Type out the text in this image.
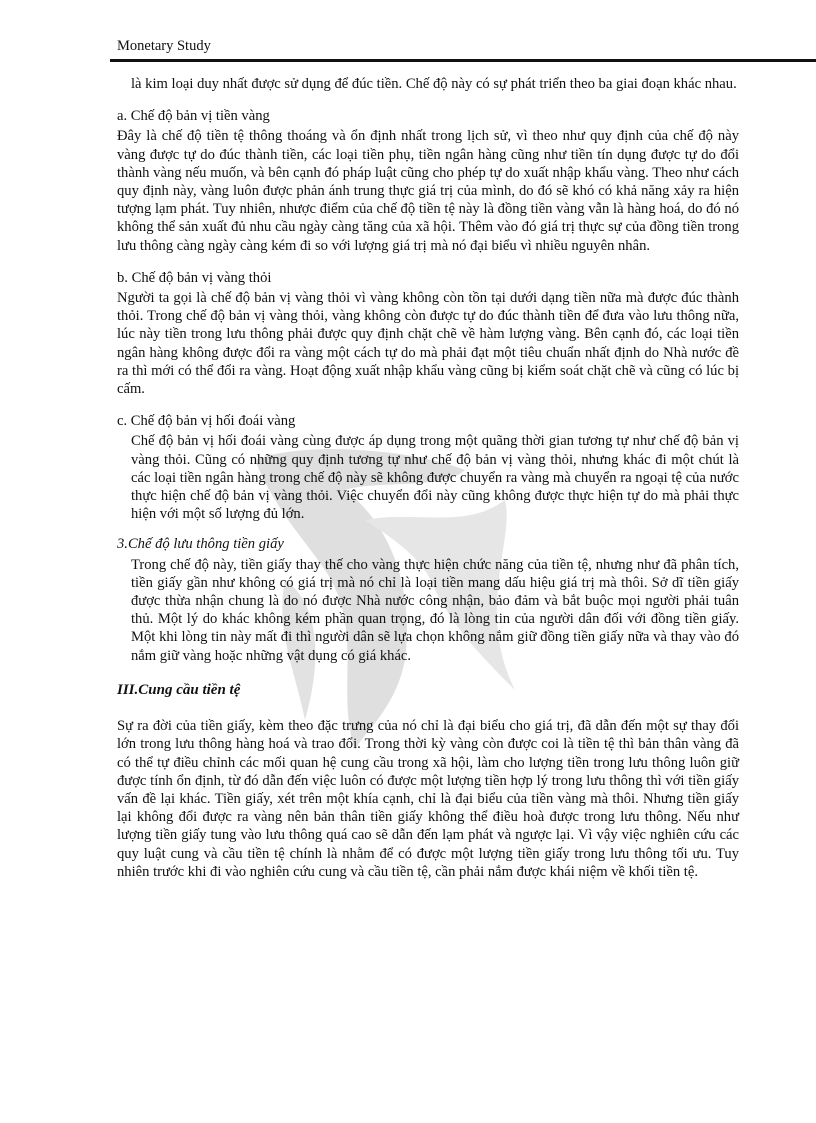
Monetary Study

là kim loại duy nhất được sử dụng để đúc tiền. Chế độ này có sự phát triển theo ba giai đoạn khác nhau.

a. Chế độ bản vị tiền vàng

Đây là chế độ tiền tệ thông thoáng và ổn định nhất trong lịch sử, vì theo như quy định của chế độ này vàng được tự do đúc thành tiền, các loại tiền phụ, tiền ngân hàng cũng như tiền tín dụng được tự do đổi thành vàng nếu muốn, và bên cạnh đó pháp luật cũng cho phép tự do xuất nhập khẩu vàng. Theo như cách quy định này, vàng luôn được phản ánh trung thực giá trị của mình, do đó sẽ khó có khả năng xảy ra hiện tượng lạm phát. Tuy nhiên, nhược điểm của chế độ tiền tệ này là đồng tiền vàng vẫn là hàng hoá, do đó nó không thể sản xuất đủ nhu cầu ngày càng tăng của xã hội. Thêm vào đó giá trị thực sự của đồng tiền trong lưu thông càng ngày càng kém đi so với lượng giá trị mà nó đại biểu vì nhiều nguyên nhân.

b. Chế độ bản vị vàng thỏi

Người ta gọi là chế độ bản vị vàng thỏi vì vàng không còn tồn tại dưới dạng tiền nữa mà được đúc thành thỏi. Trong chế độ bản vị vàng thỏi, vàng không còn được tự do đúc thành tiền để đưa vào lưu thông nữa, lúc này tiền trong lưu thông phải được quy định chặt chẽ về hàm lượng vàng. Bên cạnh đó, các loại tiền ngân hàng không được đổi ra vàng một cách tự do mà phải đạt một tiêu chuẩn nhất định do Nhà nước đề ra thì mới có thể đổi ra vàng. Hoạt động xuất nhập khẩu vàng cũng bị kiểm soát chặt chẽ và cũng có lúc bị cấm.

c. Chế độ bản vị hối đoái vàng

Chế độ bản vị hối đoái vàng cùng được áp dụng trong một quãng thời gian tương tự như chế độ bản vị vàng thỏi. Cũng có những quy định tương tự như chế độ bản vị vàng thỏi, nhưng khác đi một chút là các loại tiền ngân hàng trong chế độ này sẽ không được chuyển ra vàng mà chuyển ra ngoại tệ của nước thực hiện chế độ bản vị vàng thỏi. Việc chuyển đổi này cũng không được thực hiện tự do mà phải thực hiện với một số lượng đủ lớn.

3.Chế độ lưu thông tiền giấy

Trong chế độ này, tiền giấy thay thế cho vàng thực hiện chức năng của tiền tệ, nhưng như đã phân tích, tiền giấy gần như không có giá trị mà nó chỉ là loại tiền mang dấu hiệu giá trị mà thôi. Sở dĩ tiền giấy được thừa nhận chung là do nó được Nhà nước công nhận, bảo đảm và bắt buộc mọi người phải tuân thủ. Một lý do khác không kém phần quan trọng, đó là lòng tin của người dân đối với đồng tiền giấy. Một khi lòng tin này mất đi thì người dân sẽ lựa chọn không nắm giữ đồng tiền giấy nữa và thay vào đó nắm giữ vàng hoặc những vật dụng có giá khác.

III.Cung cầu tiền tệ

Sự ra đời của tiền giấy, kèm theo đặc trưng của nó chỉ là đại biểu cho giá trị, đã dẫn đến một sự thay đổi lớn trong lưu thông hàng hoá và trao đổi. Trong thời kỳ vàng còn được coi là tiền tệ thì bản thân vàng đã có thể tự điều chỉnh các mối quan hệ cung cầu trong xã hội, làm cho lượng tiền trong lưu thông luôn giữ được tính ổn định, từ đó dẫn đến việc luôn có được một lượng tiền hợp lý trong lưu thông thì với tiền giấy vấn đề lại khác. Tiền giấy, xét trên một khía cạnh, chỉ là đại biểu của tiền vàng mà thôi. Nhưng tiền giấy lại không đổi được ra vàng nên bản thân tiền giấy không thể điều hoà được trong lưu thông. Nếu như lượng tiền giấy tung vào lưu thông quá cao sẽ dẫn đến lạm phát và ngược lại. Vì vậy việc nghiên cứu các quy luật cung và cầu tiền tệ chính là nhằm để có được một lượng tiền giấy trong lưu thông tối ưu. Tuy nhiên trước khi đi vào nghiên cứu cung và cầu tiền tệ, cần phải nắm được khái niệm về khối tiền tệ.
